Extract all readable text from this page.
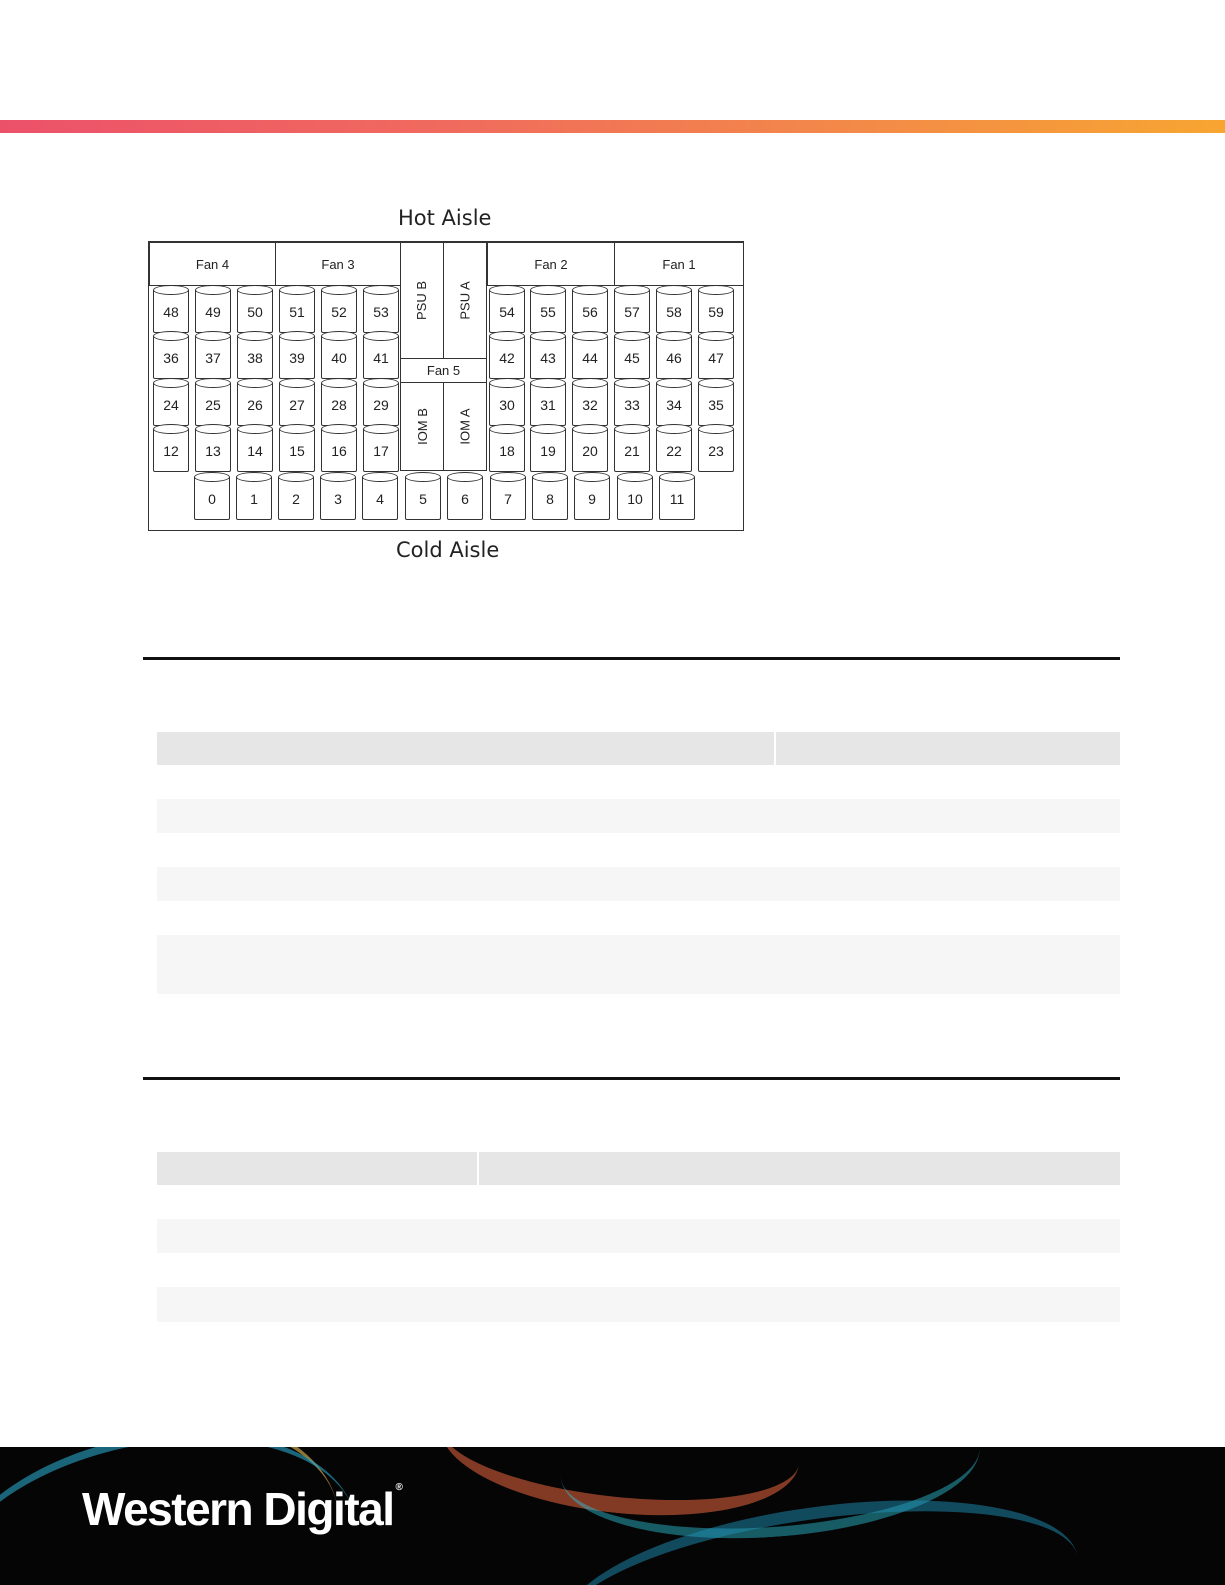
Hot Aisle
Fan 4	Fan 3	Fan 2	Fan 1
PSU B PSU A
Fan 5
IOM B IOM A
48	49	50	51	52	53	54	55	56	57	58	59
36	37	38	39	40	41	42	43	44	45	46	47
24	25	26	27	28	29	30	31	32	33	34	35
12	13	14	15	16	17	18	19	20	21	22	23
0	1	2	3	4	5	6	7	8	9	10	11
Cold Aisle
Western Digital ®
